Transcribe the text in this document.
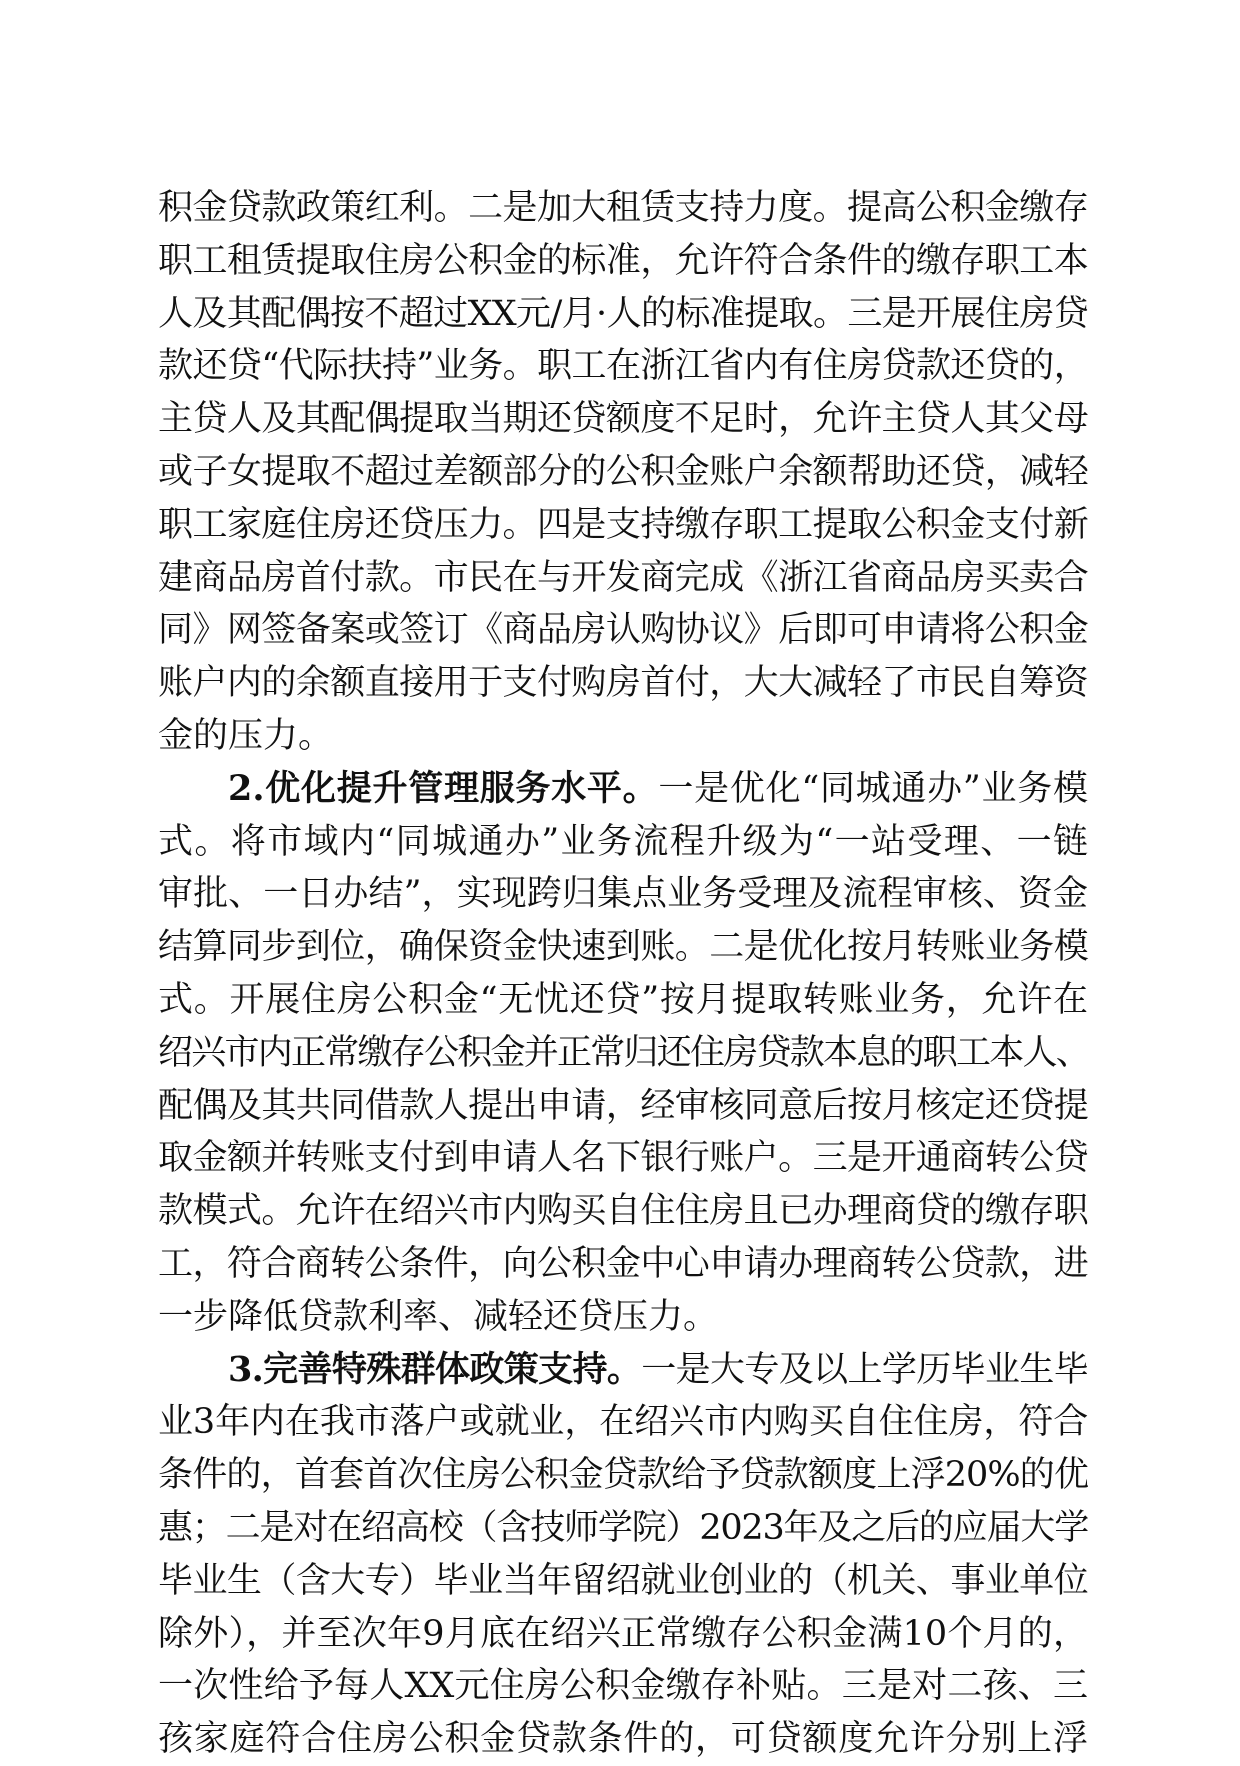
积金贷款政策红利。二是加大租赁支持力度。提高公积金缴存
职工租赁提取住房公积金的标准，允许符合条件的缴存职工本
人及其配偶按不超过XX元/月·人的标准提取。三是开展住房贷
款还贷“代际扶持”业务。职工在浙江省内有住房贷款还贷的，
主贷人及其配偶提取当期还贷额度不足时，允许主贷人其父母
或子女提取不超过差额部分的公积金账户余额帮助还贷，减轻
职工家庭住房还贷压力。四是支持缴存职工提取公积金支付新
建商品房首付款。市民在与开发商完成《浙江省商品房买卖合
同》网签备案或签订《商品房认购协议》后即可申请将公积金
账户内的余额直接用于支付购房首付，大大减轻了市民自筹资
金的压力。
2.优化提升管理服务水平。一是优化“同城通办”业务模
式。将市域内“同城通办”业务流程升级为“一站受理、一链
审批、一日办结”，实现跨归集点业务受理及流程审核、资金
结算同步到位，确保资金快速到账。二是优化按月转账业务模
式。开展住房公积金“无忧还贷”按月提取转账业务，允许在
绍兴市内正常缴存公积金并正常归还住房贷款本息的职工本人、
配偶及其共同借款人提出申请，经审核同意后按月核定还贷提
取金额并转账支付到申请人名下银行账户。三是开通商转公贷
款模式。允许在绍兴市内购买自住住房且已办理商贷的缴存职
工，符合商转公条件，向公积金中心申请办理商转公贷款，进
一步降低贷款利率、减轻还贷压力。
3.完善特殊群体政策支持。一是大专及以上学历毕业生毕
业3年内在我市落户或就业，在绍兴市内购买自住住房，符合
条件的，首套首次住房公积金贷款给予贷款额度上浮20%的优
惠；二是对在绍高校（含技师学院）2023年及之后的应届大学
毕业生（含大专）毕业当年留绍就业创业的（机关、事业单位
除外），并至次年9月底在绍兴正常缴存公积金满10个月的，
一次性给予每人XX元住房公积金缴存补贴。三是对二孩、三
孩家庭符合住房公积金贷款条件的，可贷额度允许分别上浮
